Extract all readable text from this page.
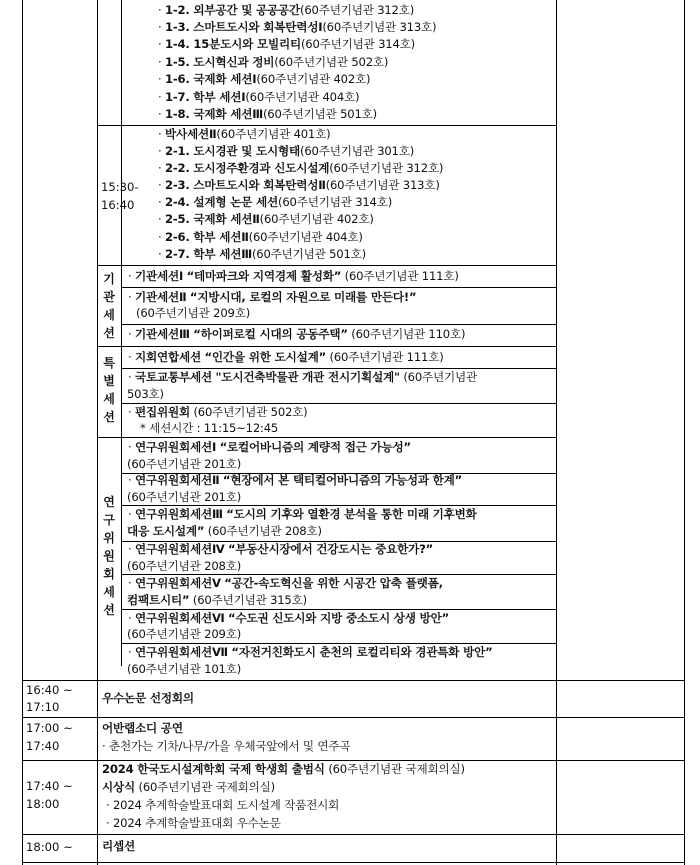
· 1-2. 외부공간 및 공공공간(60주년기념관 312호)
· 1-3. 스마트도시와 회복탄력성Ⅰ(60주년기념관 313호)
· 1-4. 15분도시와 모빌리티(60주년기념관 314호)
· 1-5. 도시혁신과 정비(60주년기념관 502호)
· 1-6. 국제화 세션Ⅰ(60주년기념관 402호)
· 1-7. 학부 세션Ⅰ(60주년기념관 404호)
· 1-8. 국제화 세션Ⅲ(60주년기념관 501호)
15:30-
16:40
· 박사세션Ⅱ(60주년기념관 401호)
· 2-1. 도시경관 및 도시형태(60주년기념관 301호)
· 2-2. 도시정주환경과 신도시설계(60주년기념관 312호)
· 2-3. 스마트도시와 회복탄력성Ⅱ(60주년기념관 313호)
· 2-4. 설계형 논문 세션(60주년기념관 314호)
· 2-5. 국제화 세션Ⅱ(60주년기념관 402호)
· 2-6. 학부 세션Ⅱ(60주년기념관 404호)
· 2-7. 학부 세션Ⅲ(60주년기념관 501호)
기
관
세
션
특
별
세
션
연
구
위
원
회
세
션
· 기관세션Ⅰ “테마파크와 지역경제 활성화” (60주년기념관 111호)
· 기관세션Ⅱ “지방시대, 로컬의 자원으로 미래를 만든다!”
(60주년기념관 209호)
· 기관세션Ⅲ “하이퍼로컬 시대의 공동주택” (60주년기념관 110호)
· 지회연합세션 “인간을 위한 도시설계” (60주년기념관 111호)
· 국토교통부세션 "도시건축박물관 개관 전시기획설계" (60주년기념관
503호)
· 편집위원회 (60주년기념관 502호)
* 세션시간 : 11:15~12:45
· 연구위원회세션Ⅰ “로컬어바니즘의 계량적 접근 가능성”
(60주년기념관 201호)
· 연구위원회세션Ⅱ “현장에서 본 택티컬어바니즘의 가능성과 한계”
(60주년기념관 201호)
· 연구위원회세션Ⅲ “도시의 기후와 열환경 분석을 통한 미래 기후변화
대응 도시설계” (60주년기념관 208호)
· 연구위원회세션Ⅳ “부동산시장에서 건강도시는 중요한가?”
(60주년기념관 208호)
· 연구위원회세션Ⅴ “공간-속도혁신을 위한 시공간 압축 플랫폼,
컴팩트시티” (60주년기념관 315호)
· 연구위원회세션Ⅵ “수도권 신도시와 지방 중소도시 상생 방안”
(60주년기념관 209호)
· 연구위원회세션Ⅶ “자전거친화도시 춘천의 로컬리티와 경관특화 방안”
(60주년기념관 101호)
16:40 ~
17:10
우수논문 선정회의
17:00 ~
17:40
어반랩소디 공연
· 춘천가는 기차/나무/가을 우체국앞에서 및 연주곡
17:40 ~
18:00
2024 한국도시설계학회 국제 학생회 출범식 (60주년기념관 국제회의실)
시상식 (60주년기념관 국제회의실)
· 2024 추계학술발표대회 도시설계 작품전시회
· 2024 추계학술발표대회 우수논문
18:00 ~	리셉션
